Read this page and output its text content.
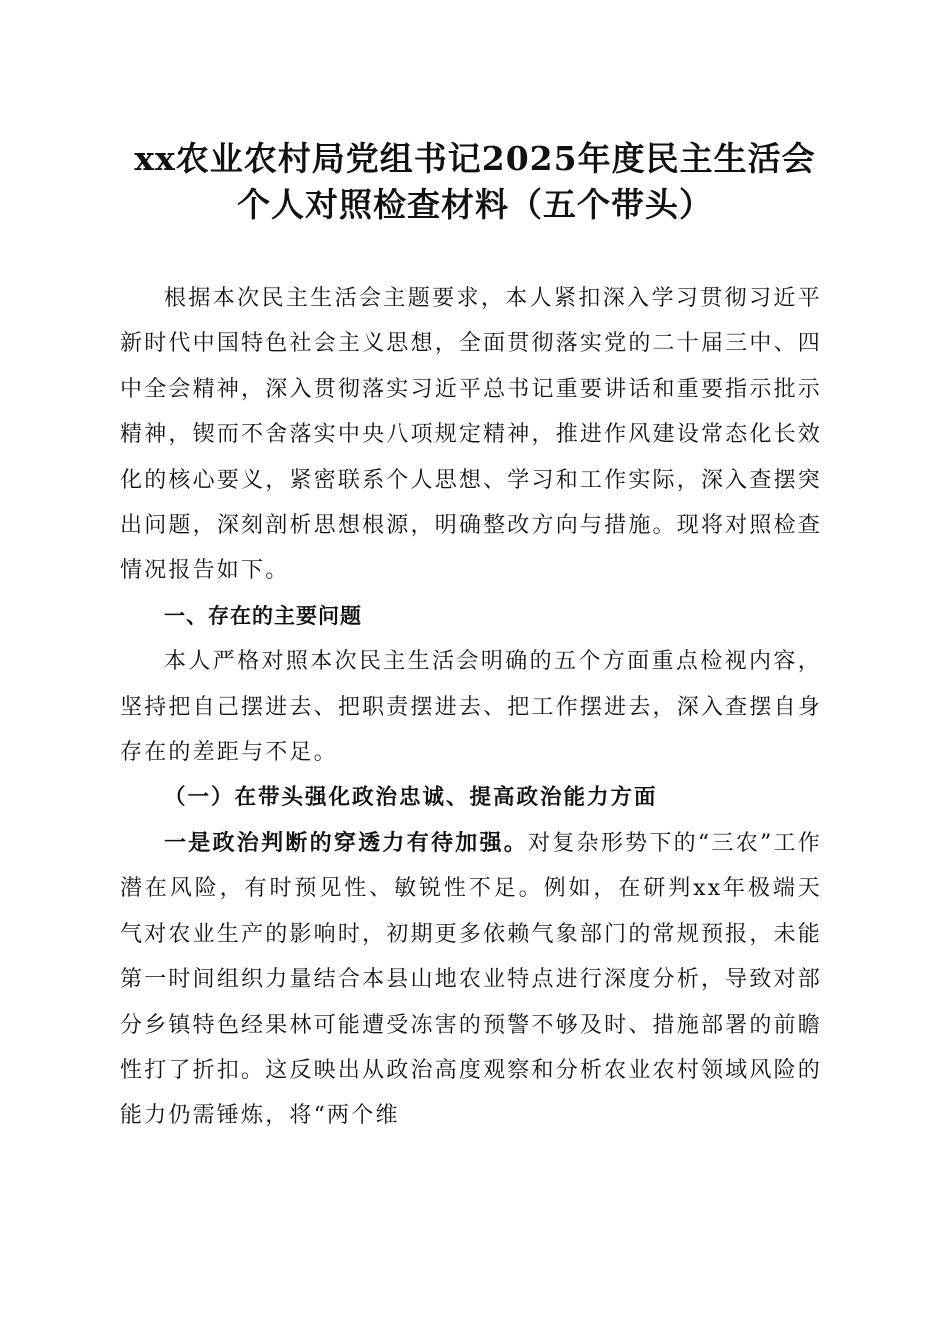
xx农业农村局党组书记2025年度民主生活会
个人对照检查材料（五个带头）

根据本次民主生活会主题要求，本人紧扣深入学习贯彻习近平新时代中国特色社会主义思想，全面贯彻落实党的二十届三中、四中全会精神，深入贯彻落实习近平总书记重要讲话和重要指示批示精神，锲而不舍落实中央八项规定精神，推进作风建设常态化长效化的核心要义，紧密联系个人思想、学习和工作实际，深入查摆突出问题，深刻剖析思想根源，明确整改方向与措施。现将对照检查情况报告如下。

一、存在的主要问题

本人严格对照本次民主生活会明确的五个方面重点检视内容，坚持把自己摆进去、把职责摆进去、把工作摆进去，深入查摆自身存在的差距与不足。

（一）在带头强化政治忠诚、提高政治能力方面

一是政治判断的穿透力有待加强。对复杂形势下的“三农”工作潜在风险，有时预见性、敏锐性不足。例如，在研判xx年极端天气对农业生产的影响时，初期更多依赖气象部门的常规预报，未能第一时间组织力量结合本县山地农业特点进行深度分析，导致对部分乡镇特色经果林可能遭受冻害的预警不够及时、措施部署的前瞻性打了折扣。这反映出从政治高度观察和分析农业农村领域风险的能力仍需锤炼，将“两个维
